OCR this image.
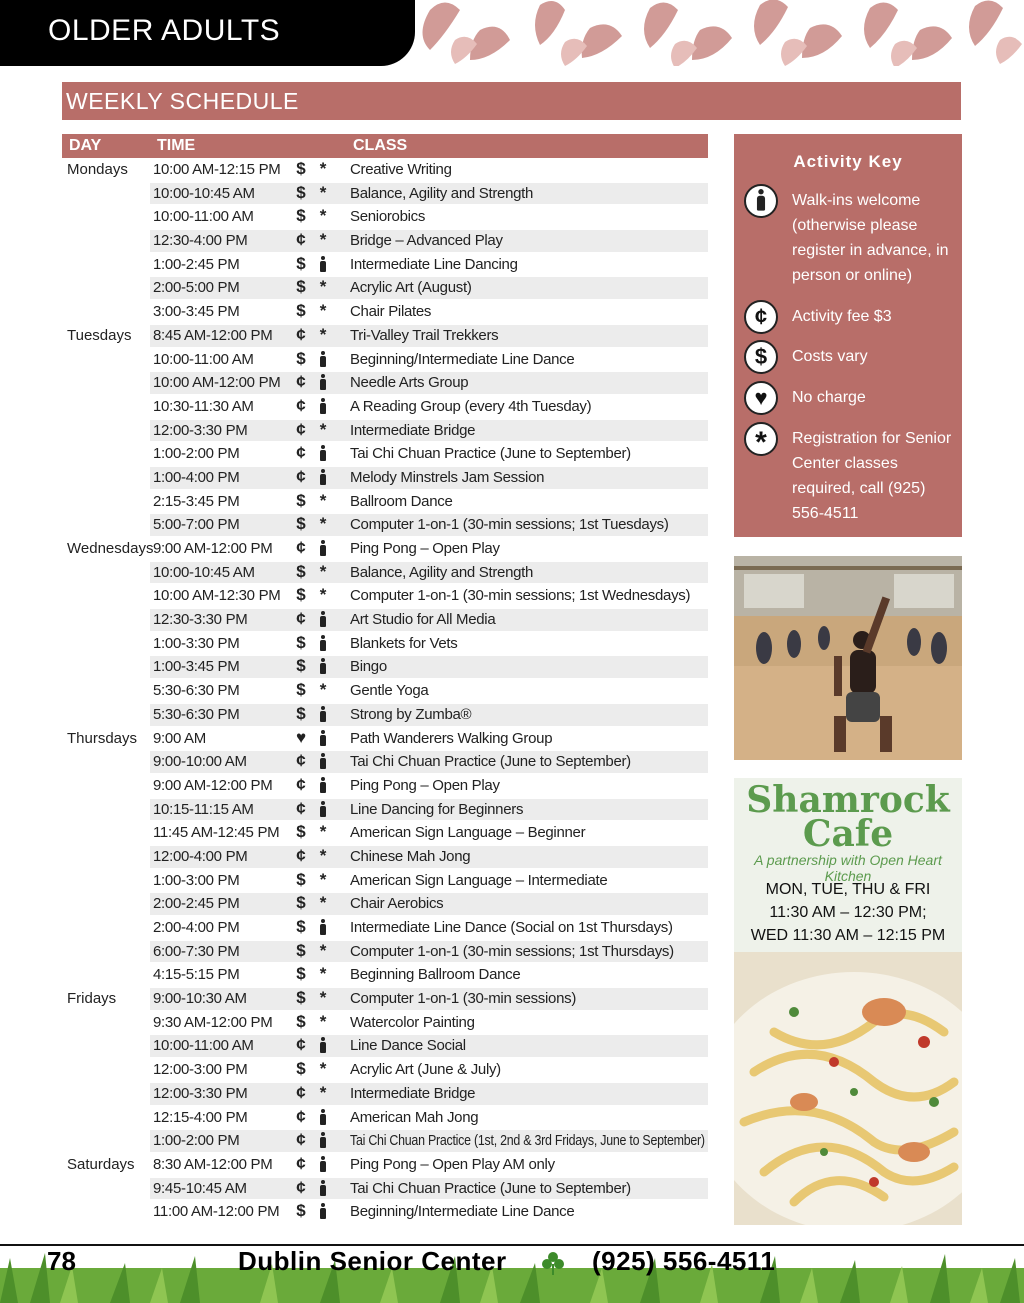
OLDER ADULTS
WEEKLY SCHEDULE
DAY	TIME	CLASS
Mondays 10:00 AM-12:15 PM $ * Creative Writing
10:00-10:45 AM $ * Balance, Agility and Strength
10:00-11:00 AM	$ * Seniorobics
12:30-4:00 PM	¢ * Bridge – Advanced Play
1:00-2:45 PM	$	Intermediate Line Dancing
2:00-5:00 PM	$ * Acrylic Art (August)
3:00-3:45 PM	$ * Chair Pilates
Tuesdays 8:45 AM-12:00 PM ¢ * Tri-Valley Trail Trekkers
10:00-11:00 AM	$	Beginning/Intermediate Line Dance
10:00 AM-12:00 PM ¢	Needle Arts Group
10:30-11:30 AM	¢	A Reading Group (every 4th Tuesday)
12:00-3:30 PM	¢ * Intermediate Bridge
1:00-2:00 PM	¢	Tai Chi Chuan Practice (June to September)
1:00-4:00 PM	¢	Melody Minstrels Jam Session
2:15-3:45 PM	$ * Ballroom Dance
5:00-7:00 PM	$ * Computer 1-on-1 (30-min sessions; 1st Tuesdays)
Wednesdays 9:00 AM-12:00 PM ¢	Ping Pong – Open Play
10:00-10:45 AM $ * Balance, Agility and Strength
10:00 AM-12:30 PM $ * Computer 1-on-1 (30-min sessions; 1st Wednesdays)
12:30-3:30 PM	¢	Art Studio for All Media
1:00-3:30 PM	$	Blankets for Vets
1:00-3:45 PM	$	Bingo
5:30-6:30 PM	$ * Gentle Yoga
5:30-6:30 PM	$	Strong by Zumba®
Thursdays 9:00 AM	♥	Path Wanderers Walking Group
9:00-10:00 AM	¢	Tai Chi Chuan Practice (June to September)
9:00 AM-12:00 PM ¢	Ping Pong – Open Play
10:15-11:15 AM	¢	Line Dancing for Beginners
11:45 AM-12:45 PM $ * American Sign Language – Beginner
12:00-4:00 PM	¢ * Chinese Mah Jong
1:00-3:00 PM	$ * American Sign Language – Intermediate
2:00-2:45 PM	$ * Chair Aerobics
2:00-4:00 PM	$	Intermediate Line Dance (Social on 1st Thursdays)
6:00-7:30 PM	$ * Computer 1-on-1 (30-min sessions; 1st Thursdays)
4:15-5:15 PM	$ * Beginning Ballroom Dance
Fridays 9:00-10:30 AM	$ * Computer 1-on-1 (30-min sessions)
9:30 AM-12:00 PM $ * Watercolor Painting
10:00-11:00 AM	¢	Line Dance Social
12:00-3:00 PM	$ * Acrylic Art (June & July)
12:00-3:30 PM	¢ * Intermediate Bridge
12:15-4:00 PM	¢	American Mah Jong
1:00-2:00 PM	¢	Tai Chi Chuan Practice (1st, 2nd & 3rd Fridays, June to September)
Saturdays 8:30 AM-12:00 PM ¢	Ping Pong – Open Play AM only
9:45-10:45 AM	¢	Tai Chi Chuan Practice (June to September)
11:00 AM-12:00 PM $	Beginning/Intermediate Line Dance
Activity Key
Walk-ins welcome (otherwise please register in advance, in person or online)
¢	Activity fee $3
$	Costs vary
♥	No charge
*	Registration for Senior Center classes required, call (925) 556-4511
Shamrock
Cafe
A partnership with Open Heart Kitchen
MON, TUE, THU & FRI
11:30 AM – 12:30 PM;
WED 11:30 AM – 12:15 PM
78	Dublin Senior Center	(925) 556-4511
